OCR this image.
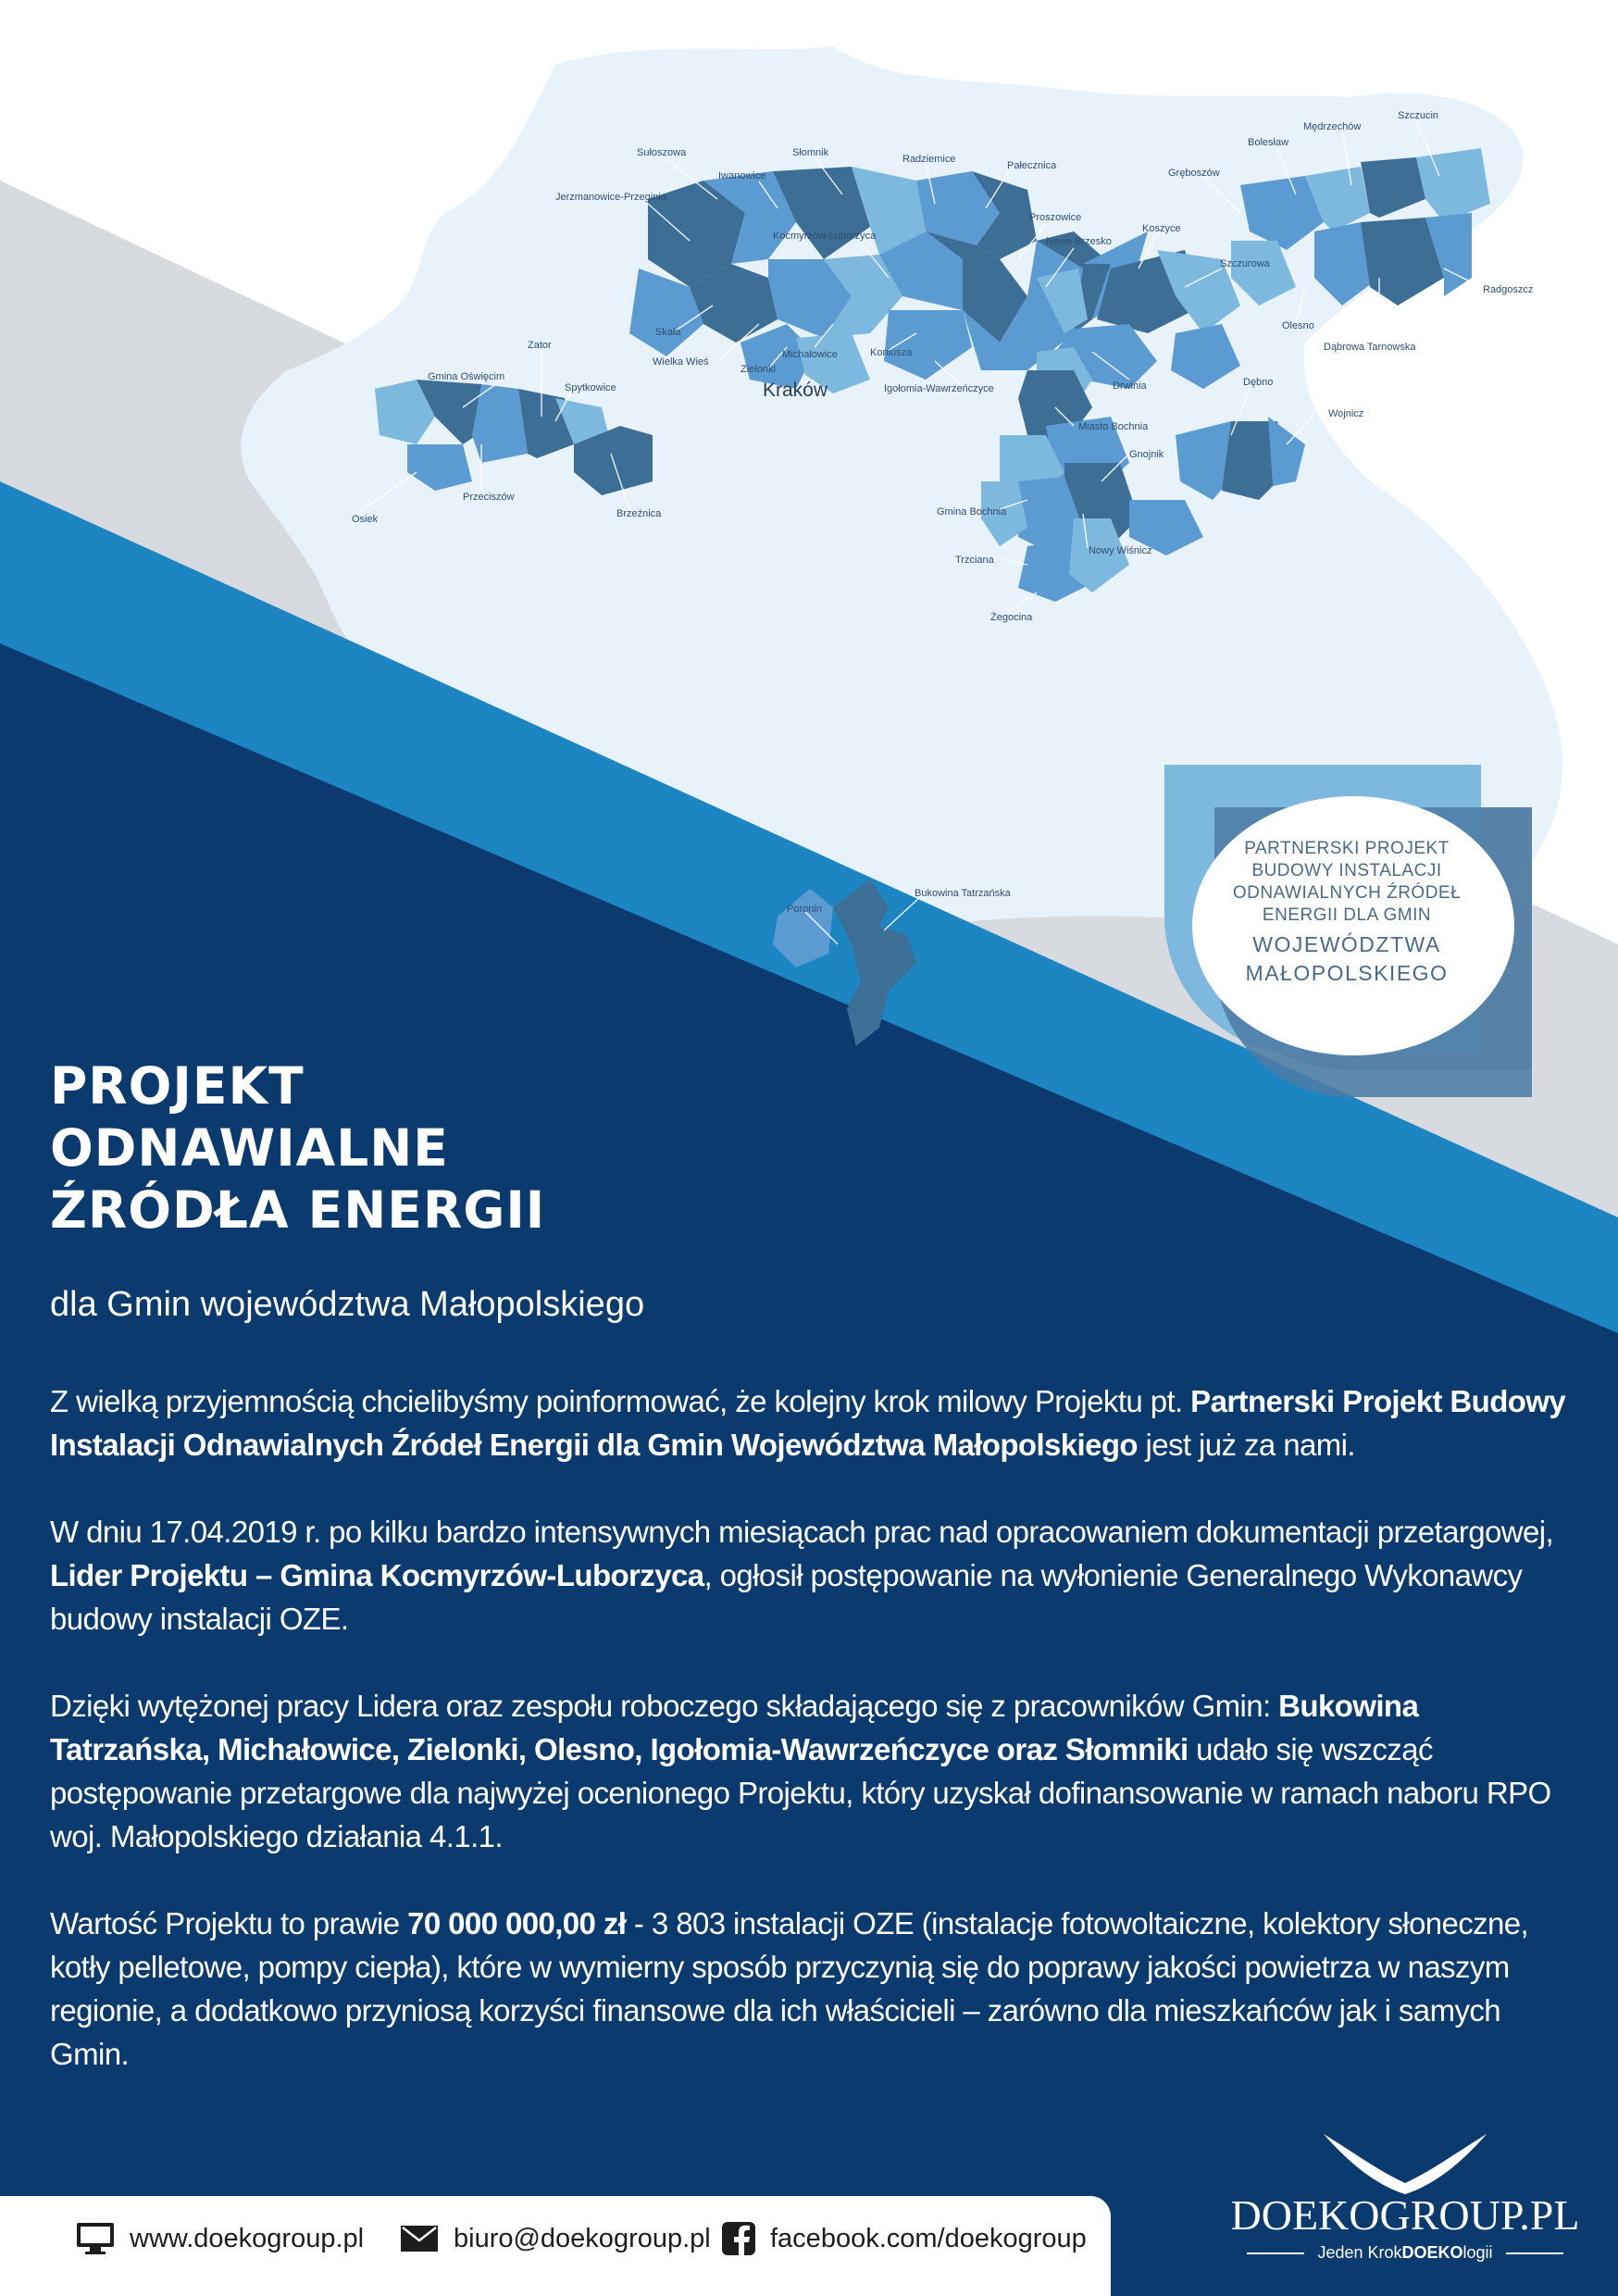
Sułoszowa
Iwanowice
Słomnik
Radziemice
Pałecznica
Jerzmanowice-Przeginia
Kocmyrzów-Luborzyca
Proszowice
Nowe Brzesko
Koszyce
Gręboszów
Bolesław
Mędrzechów
Szczucin
Szczurowa
Radgoszcz
Olesno
Dąbrowa Tarnowska
Skała
Wielka Wieś
Zielonki
Michałowice	Koniusza
Igołomia-Wawrzeńczyce	Drwinia
Zator
Gmina Oświęcim
Spytkowice
Osiek
Przeciszów
Brzeźnica
Miasto Bochnia
Gnojnik
Dębno
Wojnicz
Gmina Bochnia
Trzciana
Nowy Wiśnicz
Żegocina
Poronin
Bukowina Tatrzańska
Kraków
PARTNERSKI PROJEKT
BUDOWY INSTALACJI
ODNAWIALNYCH ŹRÓDEŁ
ENERGII DLA GMIN
WOJEWÓDZTWA
MAŁOPOLSKIEGO
PROJEKT
ODNAWIALNE
ŹRÓDŁA ENERGII
dla Gmin województwa Małopolskiego

Z wielką przyjemnością chcielibyśmy poinformować, że kolejny krok milowy Projektu pt. Partnerski Projekt Budowy Instalacji Odnawialnych Źródeł Energii dla Gmin Województwa Małopolskiego jest już za nami.

W dniu 17.04.2019 r. po kilku bardzo intensywnych miesiącach prac nad opracowaniem dokumentacji przetargowej, Lider Projektu – Gmina Kocmyrzów-Luborzyca, ogłosił postępowanie na wyłonienie Generalnego Wykonawcy budowy instalacji OZE.

Dzięki wytężonej pracy Lidera oraz zespołu roboczego składającego się z pracowników Gmin: Bukowina Tatrzańska, Michałowice, Zielonki, Olesno, Igołomia-Wawrzeńczyce oraz Słomniki udało się wszcząć postępowanie przetargowe dla najwyżej ocenionego Projektu, który uzyskał dofinansowanie w ramach naboru RPO woj. Małopolskiego działania 4.1.1.

Wartość Projektu to prawie 70 000 000,00 zł - 3 803 instalacji OZE (instalacje fotowoltaiczne, kolektory słoneczne, kotły pelletowe, pompy ciepła), które w wymierny sposób przyczynią się do poprawy jakości powietrza w naszym regionie, a dodatkowo przyniosą korzyści finansowe dla ich właścicieli – zarówno dla mieszkańców jak i samych Gmin.

www.doekogroup.pl	biuro@doekogroup.pl facebook.com/doekogroup	DOEKOGROUP.PL
Jeden Krok DOEKO logii
